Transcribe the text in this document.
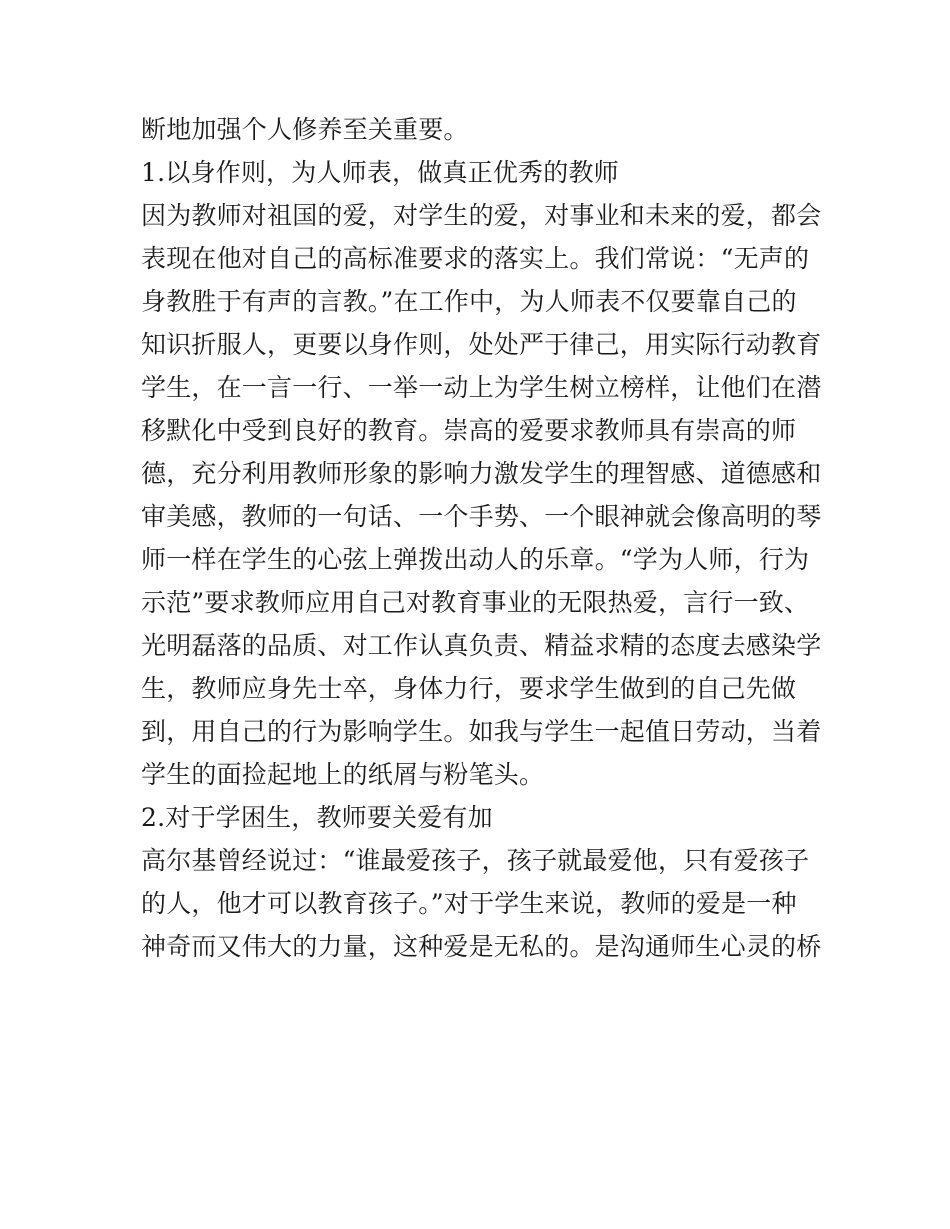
断地加强个人修养至关重要。
1.以身作则，为人师表，做真正优秀的教师
因为教师对祖国的爱，对学生的爱，对事业和未来的爱，都会
表现在他对自己的高标准要求的落实上。我们常说：“无声的
身教胜于有声的言教。”在工作中，为人师表不仅要靠自己的
知识折服人，更要以身作则，处处严于律己，用实际行动教育
学生，在一言一行、一举一动上为学生树立榜样，让他们在潜
移默化中受到良好的教育。崇高的爱要求教师具有崇高的师
德，充分利用教师形象的影响力激发学生的理智感、道德感和
审美感，教师的一句话、一个手势、一个眼神就会像高明的琴
师一样在学生的心弦上弹拨出动人的乐章。“学为人师，行为
示范”要求教师应用自己对教育事业的无限热爱，言行一致、
光明磊落的品质、对工作认真负责、精益求精的态度去感染学
生，教师应身先士卒，身体力行，要求学生做到的自己先做
到，用自己的行为影响学生。如我与学生一起值日劳动，当着
学生的面捡起地上的纸屑与粉笔头。
2.对于学困生，教师要关爱有加
高尔基曾经说过：“谁最爱孩子，孩子就最爱他，只有爱孩子
的人，他才可以教育孩子。”对于学生来说，教师的爱是一种
神奇而又伟大的力量，这种爱是无私的。是沟通师生心灵的桥
